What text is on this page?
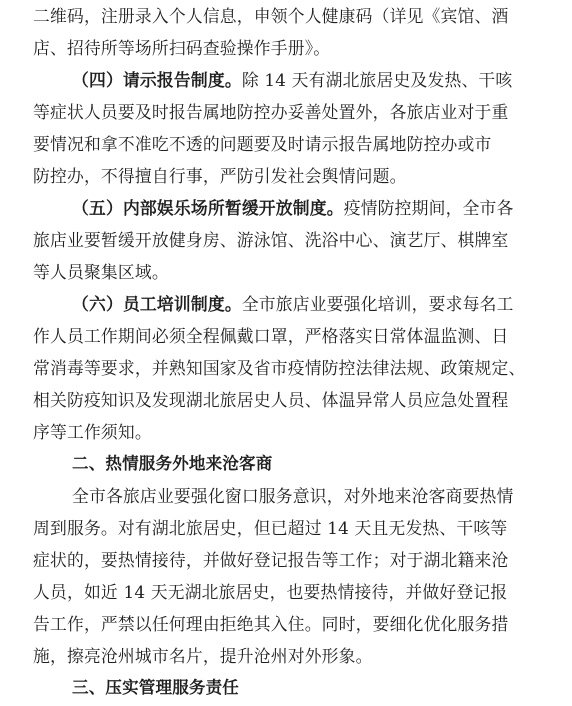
二维码，注册录入个人信息，申领个人健康码（详见《宾馆、酒
店、招待所等场所扫码查验操作手册》。
（四）请示报告制度。除 14 天有湖北旅居史及发热、干咳
等症状人员要及时报告属地防控办妥善处置外，各旅店业对于重
要情况和拿不准吃不透的问题要及时请示报告属地防控办或市
防控办，不得擅自行事，严防引发社会舆情问题。
（五）内部娱乐场所暂缓开放制度。疫情防控期间，全市各
旅店业要暂缓开放健身房、游泳馆、洗浴中心、演艺厅、棋牌室
等人员聚集区域。
（六）员工培训制度。全市旅店业要强化培训，要求每名工
作人员工作期间必须全程佩戴口罩，严格落实日常体温监测、日
常消毒等要求，并熟知国家及省市疫情防控法律法规、政策规定、
相关防疫知识及发现湖北旅居史人员、体温异常人员应急处置程
序等工作须知。
二、热情服务外地来沧客商
全市各旅店业要强化窗口服务意识，对外地来沧客商要热情
周到服务。对有湖北旅居史，但已超过 14 天且无发热、干咳等
症状的，要热情接待，并做好登记报告等工作；对于湖北籍来沧
人员，如近 14 天无湖北旅居史，也要热情接待，并做好登记报
告工作，严禁以任何理由拒绝其入住。同时，要细化优化服务措
施，擦亮沧州城市名片，提升沧州对外形象。
三、压实管理服务责任
